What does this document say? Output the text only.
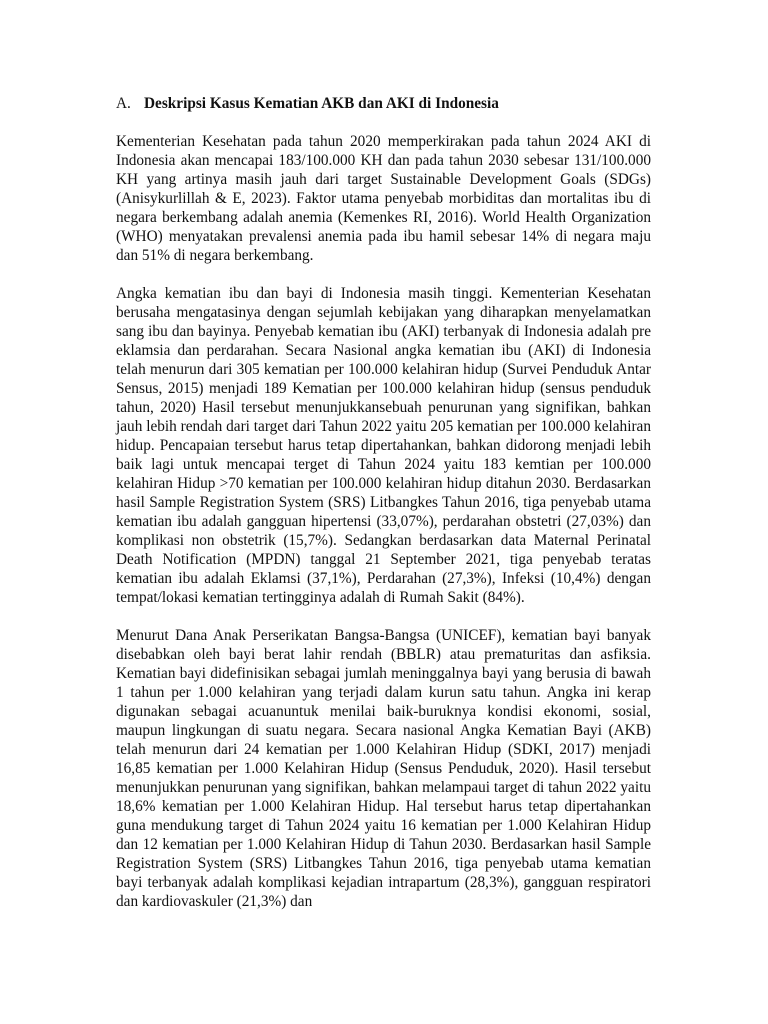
A. Deskripsi Kasus Kematian AKB dan AKI di Indonesia

Kementerian Kesehatan pada tahun 2020 memperkirakan pada tahun 2024 AKI di Indonesia akan mencapai 183/100.000 KH dan pada tahun 2030 sebesar 131/100.000 KH yang artinya masih jauh dari target Sustainable Development Goals (SDGs) (Anisykurlillah & E, 2023). Faktor utama penyebab morbiditas dan mortalitas ibu di negara berkembang adalah anemia (Kemenkes RI, 2016). World Health Organization (WHO) menyatakan prevalensi anemia pada ibu hamil sebesar 14% di negara maju dan 51% di negara berkembang.

Angka kematian ibu dan bayi di Indonesia masih tinggi. Kementerian Kesehatan berusaha mengatasinya dengan sejumlah kebijakan yang diharapkan menyelamatkan sang ibu dan bayinya. Penyebab kematian ibu (AKI) terbanyak di Indonesia adalah pre eklamsia dan perdarahan. Secara Nasional angka kematian ibu (AKI) di Indonesia telah menurun dari 305 kematian per 100.000 kelahiran hidup (Survei Penduduk Antar Sensus, 2015) menjadi 189 Kematian per 100.000 kelahiran hidup (sensus penduduk tahun, 2020) Hasil tersebut menunjukkansebuah penurunan yang signifikan, bahkan jauh lebih rendah dari target dari Tahun 2022 yaitu 205 kematian per 100.000 kelahiran hidup. Pencapaian tersebut harus tetap dipertahankan, bahkan didorong menjadi lebih baik lagi untuk mencapai terget di Tahun 2024 yaitu 183 kemtian per 100.000 kelahiran Hidup >70 kematian per 100.000 kelahiran hidup ditahun 2030. Berdasarkan hasil Sample Registration System (SRS) Litbangkes Tahun 2016, tiga penyebab utama kematian ibu adalah gangguan hipertensi (33,07%), perdarahan obstetri (27,03%) dan komplikasi non obstetrik (15,7%). Sedangkan berdasarkan data Maternal Perinatal Death Notification (MPDN) tanggal 21 September 2021, tiga penyebab teratas kematian ibu adalah Eklamsi (37,1%), Perdarahan (27,3%), Infeksi (10,4%) dengan tempat/lokasi kematian tertingginya adalah di Rumah Sakit (84%).

Menurut Dana Anak Perserikatan Bangsa-Bangsa (UNICEF), kematian bayi banyak disebabkan oleh bayi berat lahir rendah (BBLR) atau prematuritas dan asfiksia. Kematian bayi didefinisikan sebagai jumlah meninggalnya bayi yang berusia di bawah 1 tahun per 1.000 kelahiran yang terjadi dalam kurun satu tahun. Angka ini kerap digunakan sebagai acuanuntuk menilai baik-buruknya kondisi ekonomi, sosial, maupun lingkungan di suatu negara. Secara nasional Angka Kematian Bayi (AKB) telah menurun dari 24 kematian per 1.000 Kelahiran Hidup (SDKI, 2017) menjadi 16,85 kematian per 1.000 Kelahiran Hidup (Sensus Penduduk, 2020). Hasil tersebut menunjukkan penurunan yang signifikan, bahkan melampaui target di tahun 2022 yaitu 18,6% kematian per 1.000 Kelahiran Hidup. Hal tersebut harus tetap dipertahankan guna mendukung target di Tahun 2024 yaitu 16 kematian per 1.000 Kelahiran Hidup dan 12 kematian per 1.000 Kelahiran Hidup di Tahun 2030. Berdasarkan hasil Sample Registration System (SRS) Litbangkes Tahun 2016, tiga penyebab utama kematian bayi terbanyak adalah komplikasi kejadian intrapartum (28,3%), gangguan respiratori dan kardiovaskuler (21,3%) dan
